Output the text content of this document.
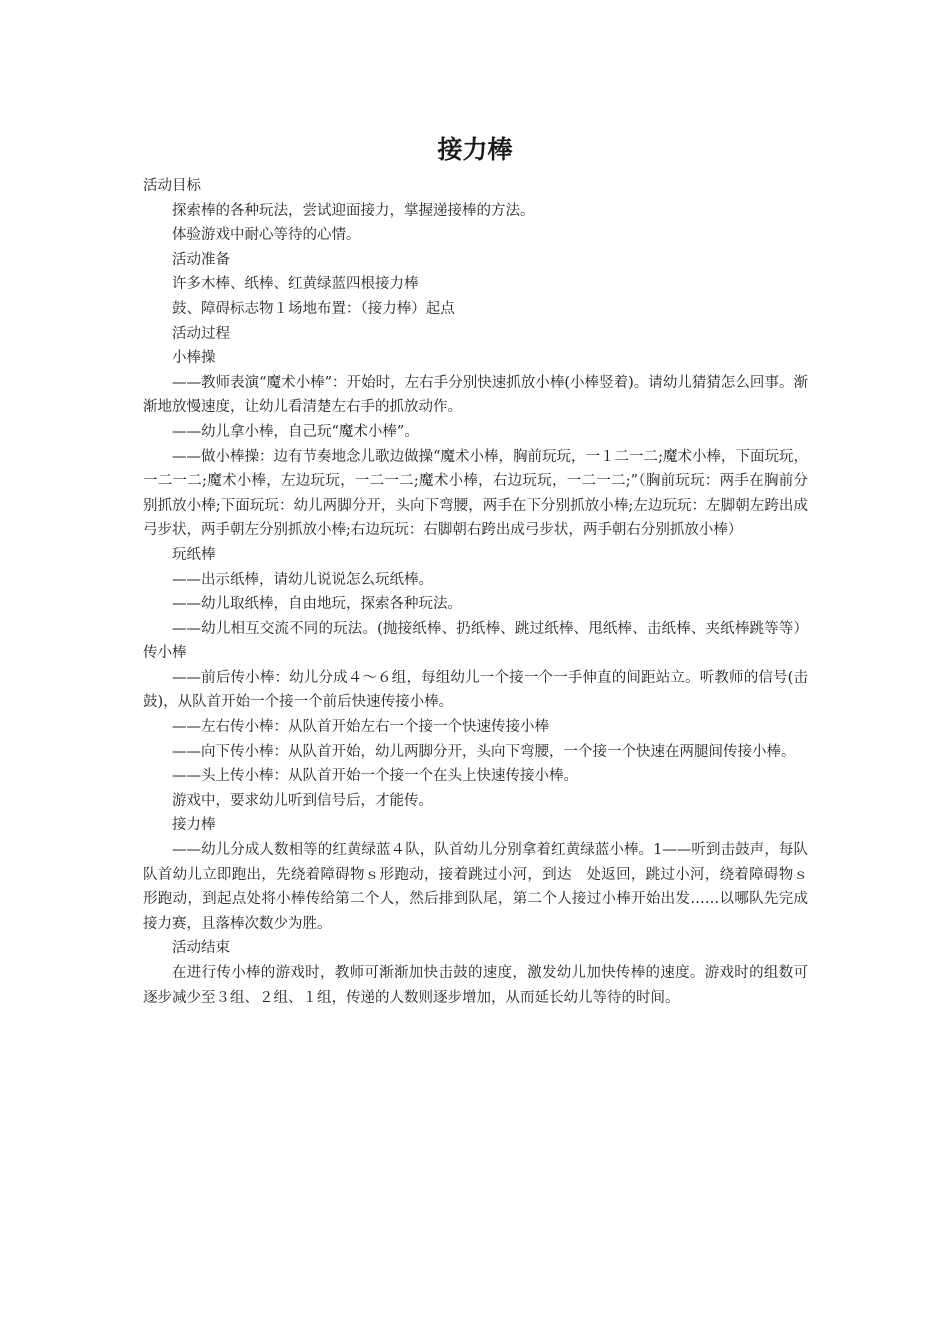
接力棒

活动目标

探索棒的各种玩法，尝试迎面接力，掌握递接棒的方法。

体验游戏中耐心等待的心情。

活动准备

许多木棒、纸棒、红黄绿蓝四根接力棒

鼓、障碍标志物１场地布置：（接力棒）起点

活动过程

小棒操

——教师表演“魔术小棒”：开始时，左右手分别快速抓放小棒(小棒竖着)。请幼儿猜猜怎么回事。渐渐地放慢速度，让幼儿看清楚左右手的抓放动作。

——幼儿拿小棒，自己玩“魔术小棒”。

——做小棒操：边有节奏地念儿歌边做操“魔术小棒，胸前玩玩，一１二一二;魔术小棒，下面玩玩，一二一二;魔术小棒，左边玩玩，一二一二;魔术小棒，右边玩玩，一二一二;”（胸前玩玩：两手在胸前分别抓放小棒;下面玩玩：幼儿两脚分开，头向下弯腰，两手在下分别抓放小棒;左边玩玩：左脚朝左跨出成弓步状，两手朝左分别抓放小棒;右边玩玩：右脚朝右跨出成弓步状，两手朝右分别抓放小棒）

玩纸棒

——出示纸棒，请幼儿说说怎么玩纸棒。

——幼儿取纸棒，自由地玩，探索各种玩法。

——幼儿相互交流不同的玩法。(抛接纸棒、扔纸棒、跳过纸棒、甩纸棒、击纸棒、夹纸棒跳等等）传小棒

——前后传小棒：幼儿分成４～６组，每组幼儿一个接一个一手伸直的间距站立。听教师的信号(击鼓)，从队首开始一个接一个前后快速传接小棒。

——左右传小棒：从队首开始左右一个接一个快速传接小棒

——向下传小棒：从队首开始，幼儿两脚分开，头向下弯腰，一个接一个快速在两腿间传接小棒。

——头上传小棒：从队首开始一个接一个在头上快速传接小棒。

游戏中，要求幼儿听到信号后，才能传。

接力棒

——幼儿分成人数相等的红黄绿蓝４队，队首幼儿分别拿着红黄绿蓝小棒。1——听到击鼓声，每队队首幼儿立即跑出，先绕着障碍物ｓ形跑动，接着跳过小河，到达　处返回，跳过小河，绕着障碍物ｓ形跑动，到起点处将小棒传给第二个人，然后排到队尾，第二个人接过小棒开始出发……以哪队先完成接力赛，且落棒次数少为胜。

活动结束

在进行传小棒的游戏时，教师可渐渐加快击鼓的速度，激发幼儿加快传棒的速度。游戏时的组数可逐步减少至３组、２组、１组，传递的人数则逐步增加，从而延长幼儿等待的时间。
